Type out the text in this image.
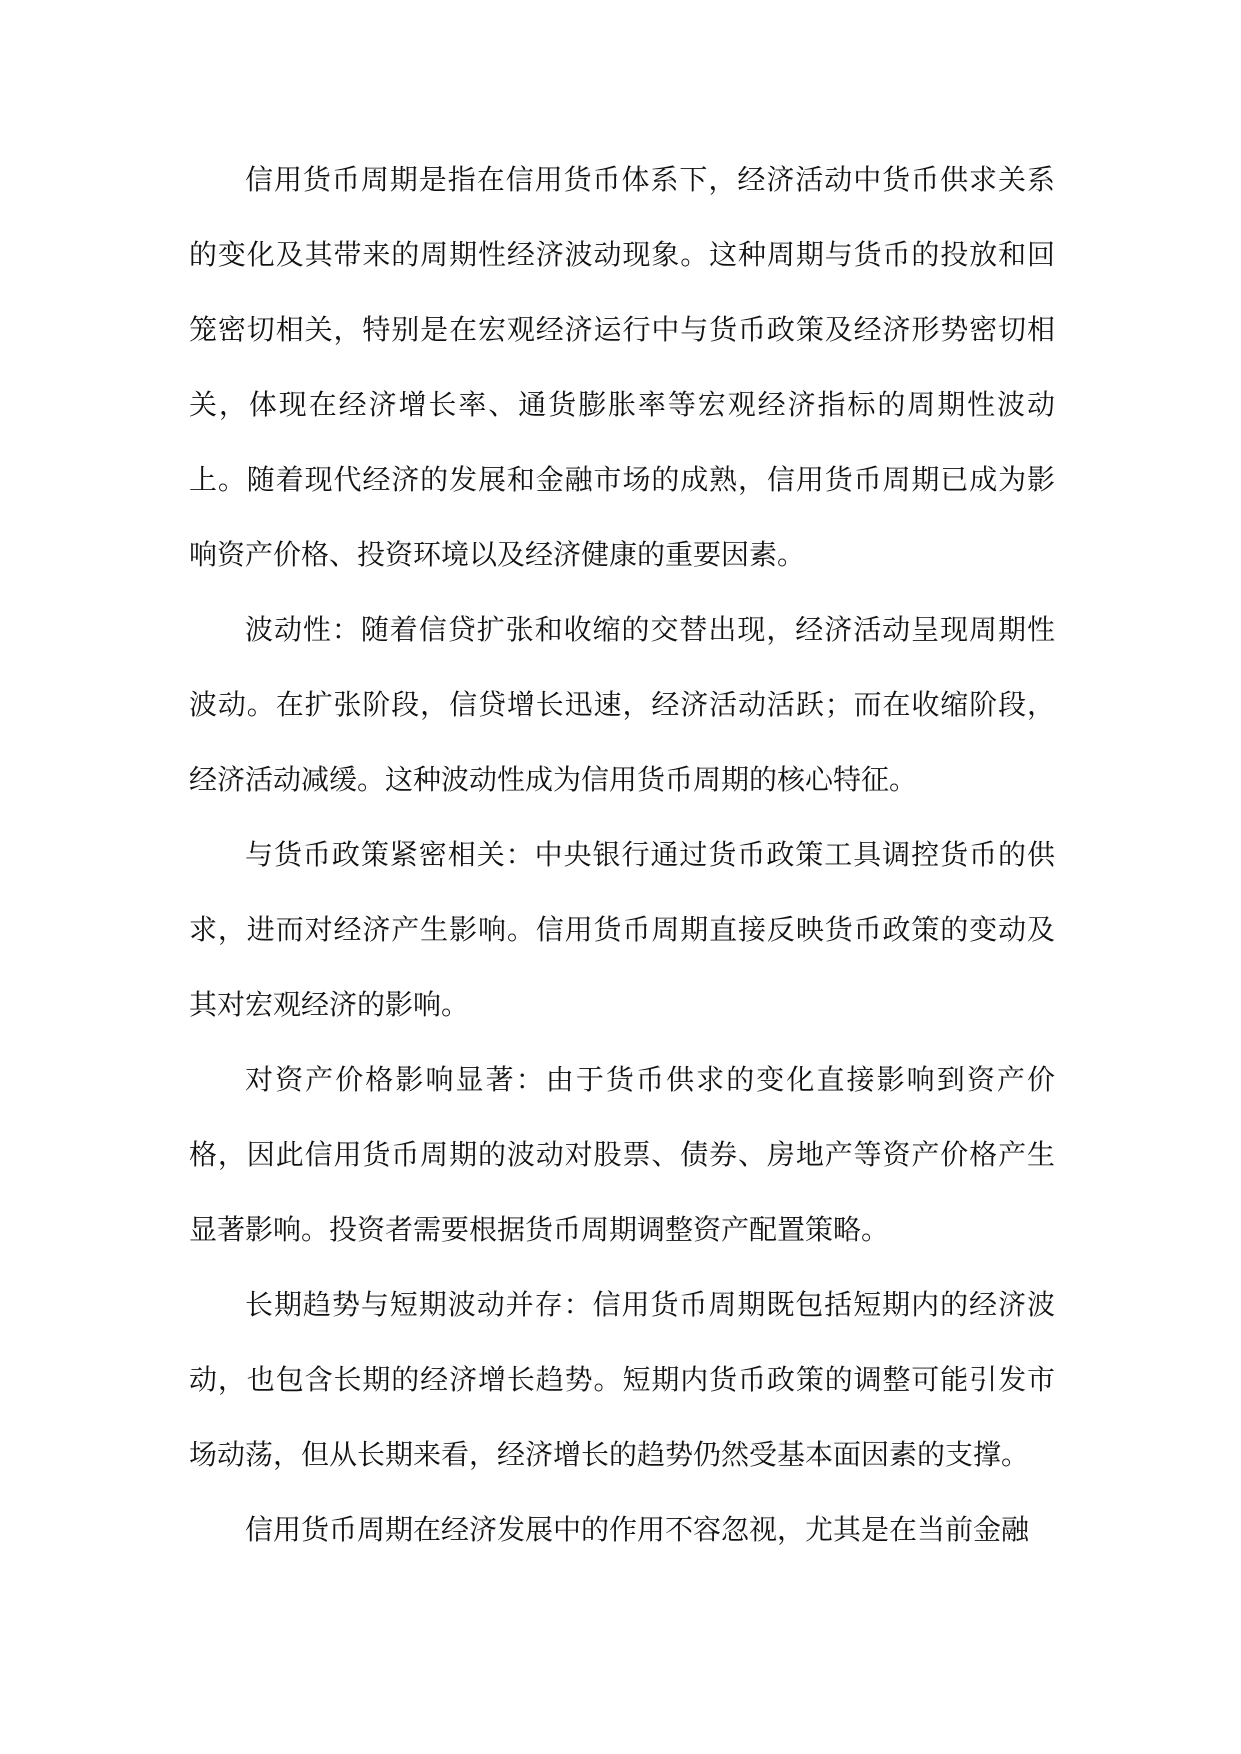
信用货币周期是指在信用货币体系下，经济活动中货币供求关系的变化及其带来的周期性经济波动现象。这种周期与货币的投放和回笼密切相关，特别是在宏观经济运行中与货币政策及经济形势密切相关，体现在经济增长率、通货膨胀率等宏观经济指标的周期性波动上。随着现代经济的发展和金融市场的成熟，信用货币周期已成为影响资产价格、投资环境以及经济健康的重要因素。

波动性：随着信贷扩张和收缩的交替出现，经济活动呈现周期性波动。在扩张阶段，信贷增长迅速，经济活动活跃；而在收缩阶段，经济活动减缓。这种波动性成为信用货币周期的核心特征。

与货币政策紧密相关：中央银行通过货币政策工具调控货币的供求，进而对经济产生影响。信用货币周期直接反映货币政策的变动及其对宏观经济的影响。

对资产价格影响显著：由于货币供求的变化直接影响到资产价格，因此信用货币周期的波动对股票、债券、房地产等资产价格产生显著影响。投资者需要根据货币周期调整资产配置策略。

长期趋势与短期波动并存：信用货币周期既包括短期内的经济波动，也包含长期的经济增长趋势。短期内货币政策的调整可能引发市场动荡，但从长期来看，经济增长的趋势仍然受基本面因素的支撑。

信用货币周期在经济发展中的作用不容忽视，尤其是在当前金融
